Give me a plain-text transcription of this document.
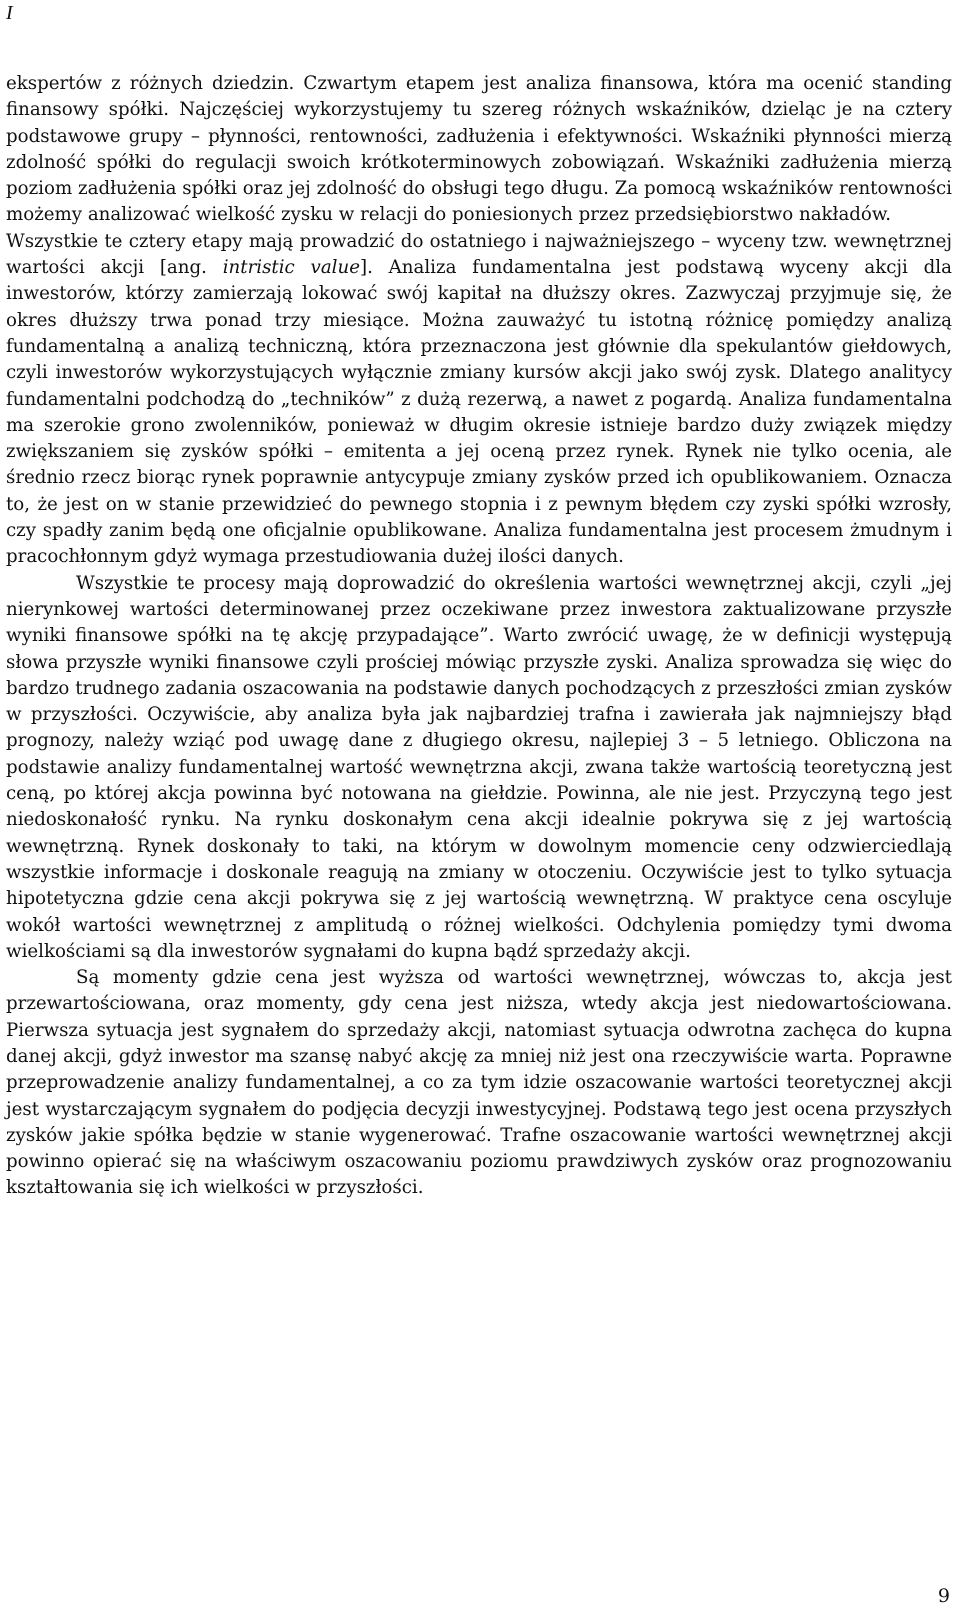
I

ekspertów z różnych dziedzin. Czwartym etapem jest analiza finansowa, która ma ocenić standing finansowy spółki. Najczęściej wykorzystujemy tu szereg różnych wskaźników, dzieląc je na cztery podstawowe grupy – płynności, rentowności, zadłużenia i efektywności. Wskaźniki płynności mierzą zdolność spółki do regulacji swoich krótkoterminowych zobowiązań. Wskaźniki zadłużenia mierzą poziom zadłużenia spółki oraz jej zdolność do obsługi tego długu. Za pomocą wskaźników rentowności możemy analizować wielkość zysku w relacji do poniesionych przez przedsiębiorstwo nakładów.

Wszystkie te cztery etapy mają prowadzić do ostatniego i najważniejszego – wyceny tzw. wewnętrznej wartości akcji [ang. intristic value]. Analiza fundamentalna jest podstawą wyceny akcji dla inwestorów, którzy zamierzają lokować swój kapitał na dłuższy okres. Zazwyczaj przyjmuje się, że okres dłuższy trwa ponad trzy miesiące. Można zauważyć tu istotną różnicę pomiędzy analizą fundamentalną a analizą techniczną, która przeznaczona jest głównie dla spekulantów giełdowych, czyli inwestorów wykorzystujących wyłącznie zmiany kursów akcji jako swój zysk. Dlatego analitycy fundamentalni podchodzą do „techników” z dużą rezerwą, a nawet z pogardą. Analiza fundamentalna ma szerokie grono zwolenników, ponieważ w długim okresie istnieje bardzo duży związek między zwiększaniem się zysków spółki – emitenta a jej oceną przez rynek. Rynek nie tylko ocenia, ale średnio rzecz biorąc rynek poprawnie antycypuje zmiany zysków przed ich opublikowaniem. Oznacza to, że jest on w stanie przewidzieć do pewnego stopnia i z pewnym błędem czy zyski spółki wzrosły, czy spadły zanim będą one oficjalnie opublikowane. Analiza fundamentalna jest procesem żmudnym i pracochłonnym gdyż wymaga przestudiowania dużej ilości danych.

Wszystkie te procesy mają doprowadzić do określenia wartości wewnętrznej akcji, czyli „jej nierynkowej wartości determinowanej przez oczekiwane przez inwestora zaktualizowane przyszłe wyniki finansowe spółki na tę akcję przypadające”. Warto zwrócić uwagę, że w definicji występują słowa przyszłe wyniki finansowe czyli prościej mówiąc przyszłe zyski. Analiza sprowadza się więc do bardzo trudnego zadania oszacowania na podstawie danych pochodzących z przeszłości zmian zysków w przyszłości. Oczywiście, aby analiza była jak najbardziej trafna i zawierała jak najmniejszy błąd prognozy, należy wziąć pod uwagę dane z długiego okresu, najlepiej 3 – 5 letniego. Obliczona na podstawie analizy fundamentalnej wartość wewnętrzna akcji, zwana także wartością teoretyczną jest ceną, po której akcja powinna być notowana na giełdzie. Powinna, ale nie jest. Przyczyną tego jest niedoskonałość rynku. Na rynku doskonałym cena akcji idealnie pokrywa się z jej wartością wewnętrzną. Rynek doskonały to taki, na którym w dowolnym momencie ceny odzwierciedlają wszystkie informacje i doskonale reagują na zmiany w otoczeniu. Oczywiście jest to tylko sytuacja hipotetyczna gdzie cena akcji pokrywa się z jej wartością wewnętrzną. W praktyce cena oscyluje wokół wartości wewnętrznej z amplitudą o różnej wielkości. Odchylenia pomiędzy tymi dwoma wielkościami są dla inwestorów sygnałami do kupna bądź sprzedaży akcji.

Są momenty gdzie cena jest wyższa od wartości wewnętrznej, wówczas to, akcja jest przewartościowana, oraz momenty, gdy cena jest niższa, wtedy akcja jest niedowartościowana. Pierwsza sytuacja jest sygnałem do sprzedaży akcji, natomiast sytuacja odwrotna zachęca do kupna danej akcji, gdyż inwestor ma szansę nabyć akcję za mniej niż jest ona rzeczywiście warta. Poprawne przeprowadzenie analizy fundamentalnej, a co za tym idzie oszacowanie wartości teoretycznej akcji jest wystarczającym sygnałem do podjęcia decyzji inwestycyjnej. Podstawą tego jest ocena przyszłych zysków jakie spółka będzie w stanie wygenerować. Trafne oszacowanie wartości wewnętrznej akcji powinno opierać się na właściwym oszacowaniu poziomu prawdziwych zysków oraz prognozowaniu kształtowania się ich wielkości w przyszłości.

9
